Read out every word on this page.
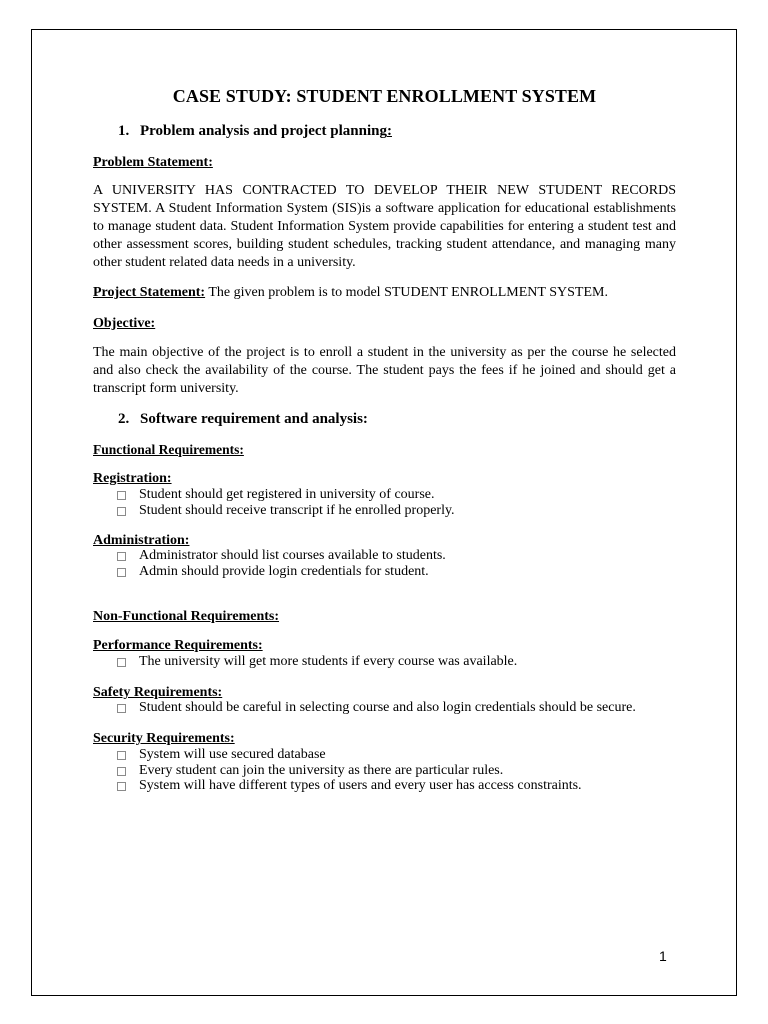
CASE STUDY: STUDENT ENROLLMENT SYSTEM
1. Problem analysis and project planning:
Problem Statement:
A UNIVERSITY HAS CONTRACTED TO DEVELOP THEIR NEW STUDENT RECORDS SYSTEM. A Student Information System (SIS)is a software application for educational establishments to manage student data. Student Information System provide capabilities for entering a student test and other assessment scores, building student schedules, tracking student attendance, and managing many other student related data needs in a university.
Project Statement: The given problem is to model STUDENT ENROLLMENT SYSTEM.
Objective:
The main objective of the project is to enroll a student in the university as per the course he selected and also check the availability of the course. The student pays the fees if he joined and should get a transcript form university.
2. Software requirement and analysis:
Functional Requirements:
Registration:
Student should get registered in university of course.
Student should receive transcript if he enrolled properly.
Administration:
Administrator should list courses available to students.
Admin should provide login credentials for student.
Non-Functional Requirements:
Performance Requirements:
The university will get more students if every course was available.
Safety Requirements:
Student should be careful in selecting course and also login credentials should be secure.
Security Requirements:
System will use secured database
Every student can join the university as there are particular rules.
System will have different types of users and every user has access constraints.
1
